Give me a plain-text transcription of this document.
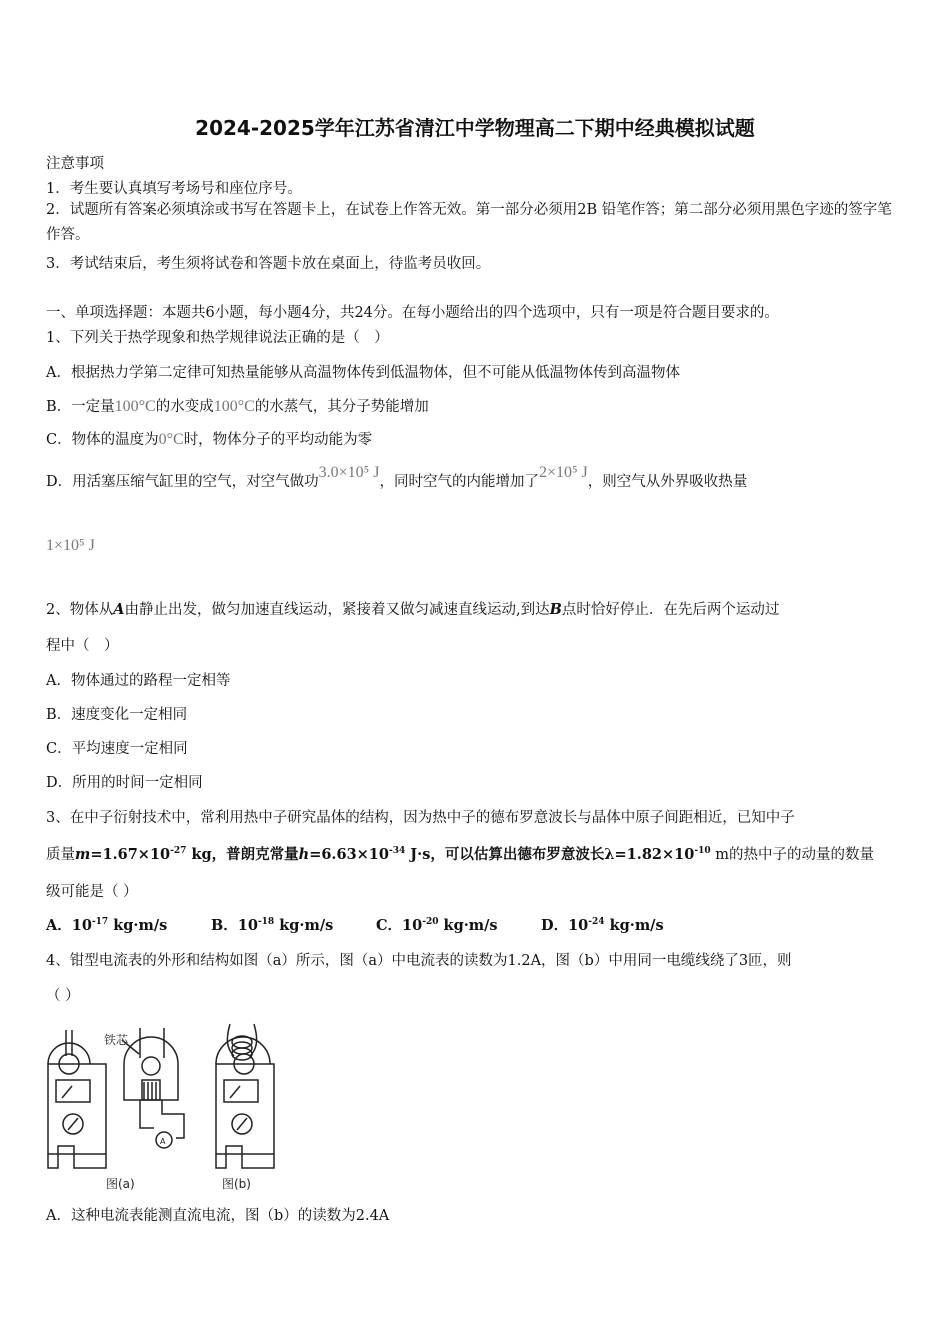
2024-2025学年江苏省清江中学物理高二下期中经典模拟试题
注意事项
1．考生要认真填写考场号和座位序号。
2．试题所有答案必须填涂或书写在答题卡上，在试卷上作答无效。第一部分必须用2B 铅笔作答；第二部分必须用黑色字迹的签字笔作答。
3．考试结束后，考生须将试卷和答题卡放在桌面上，待监考员收回。
一、单项选择题：本题共6小题，每小题4分，共24分。在每小题给出的四个选项中，只有一项是符合题目要求的。
1、下列关于热学现象和热学规律说法正确的是（　）
A．根据热力学第二定律可知热量能够从高温物体传到低温物体，但不可能从低温物体传到高温物体
B．一定量100°C的水变成100°C的水蒸气，其分子势能增加
C．物体的温度为0°C时，物体分子的平均动能为零
D．用活塞压缩气缸里的空气，对空气做功3.0×10⁵ J，同时空气的内能增加了2×10⁵ J，则空气从外界吸收热量
1×10⁵ J
2、物体从A由静止出发，做匀加速直线运动，紧接着又做匀减速直线运动,到达B点时恰好停止．在先后两个运动过
程中（　）
A．物体通过的路程一定相等
B．速度变化一定相同
C．平均速度一定相同
D．所用的时间一定相同
3、在中子衍射技术中，常利用热中子研究晶体的结构，因为热中子的德布罗意波长与晶体中原子间距相近，已知中子
质量$m=1.67\times 10^{-27}$ kg，普朗克常量$h=6.63\times 10^{-34}$ J·s，可以估算出德布罗意波长$\lambda=1.82\times 10^{-10}$ m的热中子的动量的数量
级可能是（ ）
A．$10^{-17}$ kg·m/s	B．$10^{-18}$ kg·m/s	C．$10^{-20}$ kg·m/s	D．$10^{-24}$ kg·m/s
4、钳型电流表的外形和结构如图（a）所示，图（a）中电流表的读数为1.2A，图（b）中用同一电缆线绕了3匝，则
（ ）
铁芯
A
图(a)	图(b)
A．这种电流表能测直流电流，图（b）的读数为2.4A
